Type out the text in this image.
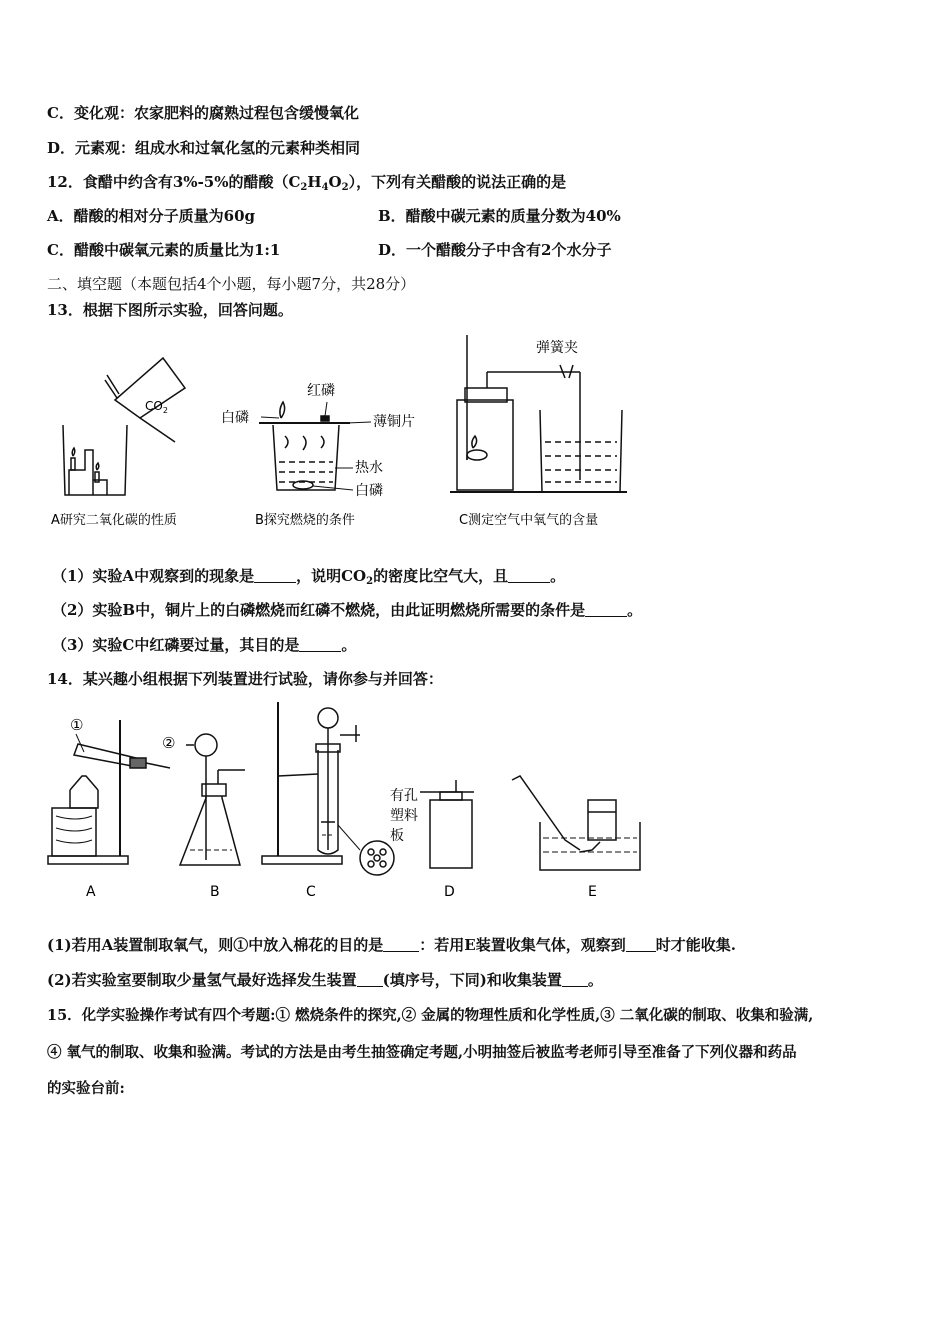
C．变化观：农家肥料的腐熟过程包含缓慢氧化
D．元素观：组成水和过氧化氢的元素种类相同
12．食醋中约含有3%-5%的醋酸$(C_2H_4O_2)$，下列有关醋酸的说法正确的是
A．醋酸的相对分子质量为60g	B．醋酸中碳元素的质量分数为40%
C．醋酸中碳氧元素的质量比为1:1	D．一个醋酸分子中含有2个水分子
二、填空题（本题包括4个小题，每小题7分，共28分）
13．根据下图所示实验，回答问题。
$CO_2$
A研究二氧化碳的性质
红磷
白磷	薄铜片
热水
白磷
B探究燃烧的条件
弹簧夹
C测定空气中氧气的含量
（1）实验A中观察到的现象是	，说明$CO_2$的密度比空气大，且	。
（2）实验B中，铜片上的白磷燃烧而红磷不燃烧，由此证明燃烧所需要的条件是	。
（3）实验C中红磷要过量，其目的是	。
14．某兴趣小组根据下列装置进行试验，请你参与并回答：
①
②
有孔
塑料
板
A	B	C	D	E
(1)若用A装置制取氧气，则①中放入棉花的目的是 ：若用E装置收集气体，观察到 时才能收集.
(2)若实验室要制取少量氢气最好选择发生装置 (填序号，下同)和收集装置 。
15．化学实验操作考试有四个考题:① 燃烧条件的探究,② 金属的物理性质和化学性质,③ 二氧化碳的制取、收集和验满,
④ 氧气的制取、收集和验满。考试的方法是由考生抽签确定考题,小明抽签后被监考老师引导至准备了下列仪器和药品
的实验台前:
